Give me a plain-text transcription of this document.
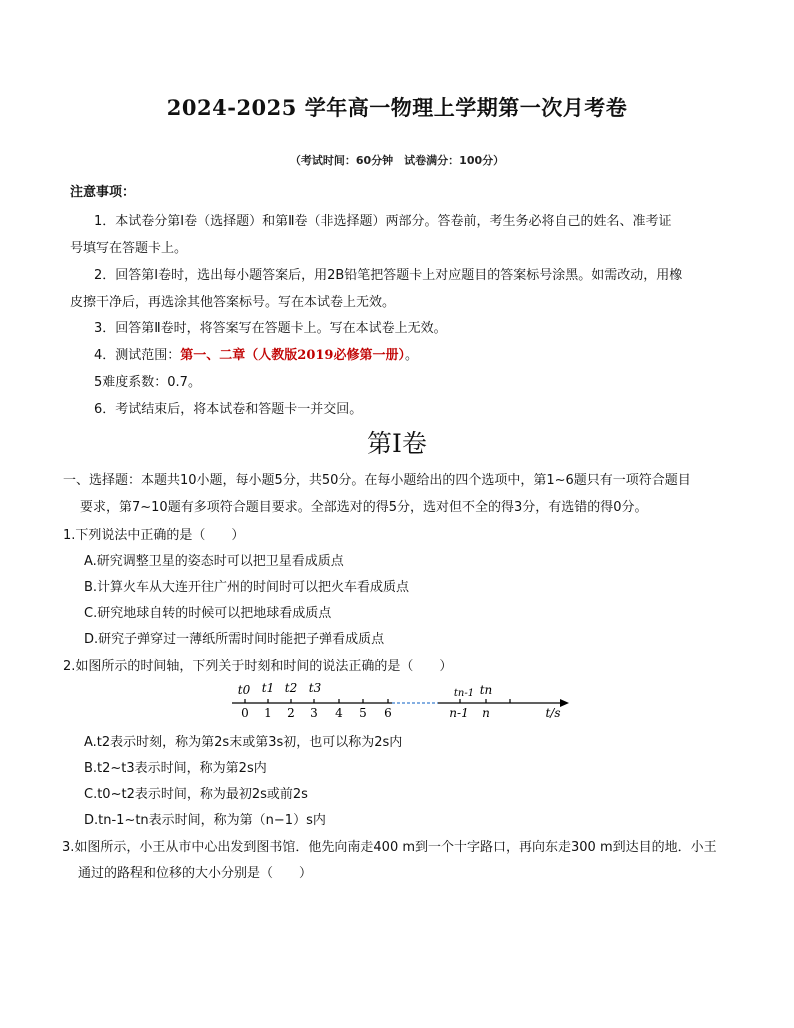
2024-2025 学年高一物理上学期第一次月考卷
（考试时间：60分钟　试卷满分：100分）
注意事项：
1．本试卷分第Ⅰ卷（选择题）和第Ⅱ卷（非选择题）两部分。答卷前，考生务必将自己的姓名、准考证
号填写在答题卡上。
2．回答第Ⅰ卷时，选出每小题答案后，用2B铅笔把答题卡上对应题目的答案标号涂黑。如需改动，用橡
皮擦干净后，再选涂其他答案标号。写在本试卷上无效。
3．回答第Ⅱ卷时，将答案写在答题卡上。写在本试卷上无效。
4．测试范围：第一、二章（人教版2019必修第一册）。
5难度系数：0.7。
6．考试结束后，将本试卷和答题卡一并交回。
第Ⅰ卷
一、选择题：本题共10小题，每小题5分，共50分。在每小题给出的四个选项中，第1~6题只有一项符合题目
要求，第7~10题有多项符合题目要求。全部选对的得5分，选对但不全的得3分，有选错的得0分。
1.下列说法中正确的是（　　）
A.研究调整卫星的姿态时可以把卫星看成质点
B.计算火车从大连开往广州的时间时可以把火车看成质点
C.研究地球自转的时候可以把地球看成质点
D.研究子弹穿过一薄纸所需时间时能把子弹看成质点
2.如图所示的时间轴，下列关于时刻和时间的说法正确的是（　　）
t0 t1 t2 t3	tn-1 tn
0 1 2 3 4 5 6	n-1 n	t/s
A.t2表示时刻，称为第2s末或第3s初，也可以称为2s内
B.t2~t3表示时间，称为第2s内
C.t0~t2表示时间，称为最初2s或前2s
D.tn-1~tn表示时间，称为第（n−1）s内
3.如图所示，小王从市中心出发到图书馆．他先向南走400 m到一个十字路口，再向东走300 m到达目的地．小王
通过的路程和位移的大小分别是（　　）
